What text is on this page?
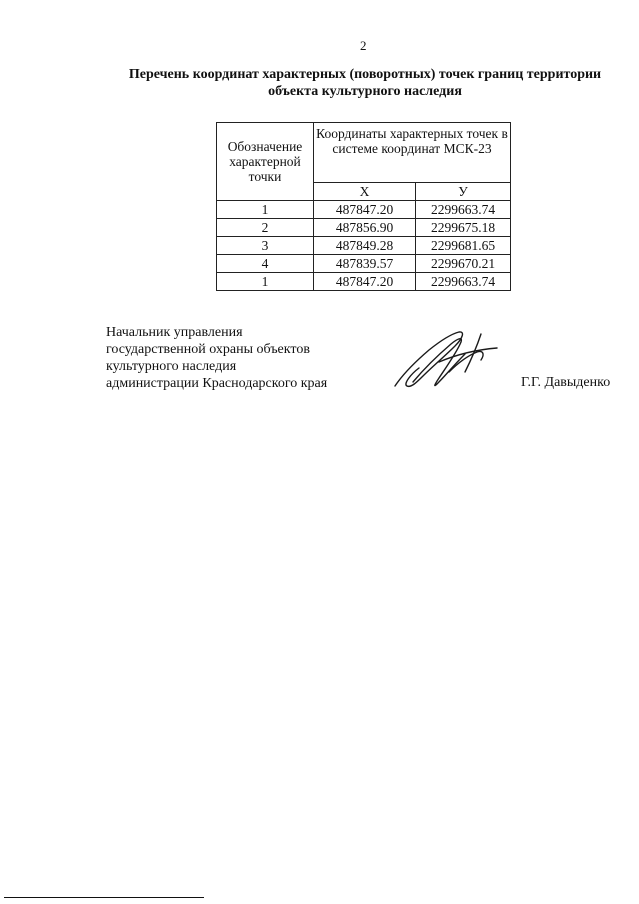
2
Перечень координат характерных (поворотных) точек границ территории
объекта культурного наследия
Обозначение характерной точки	Координаты характерных точек в системе координат МСК-23	
	Х	У
1	487847.20	2299663.74
2	487856.90	2299675.18
3	487849.28	2299681.65
4	487839.57	2299670.21
1	487847.20	2299663.74
Начальник управления
государственной охраны объектов
культурного наследия
администрации Краснодарского края	Г.Г. Давыденко
